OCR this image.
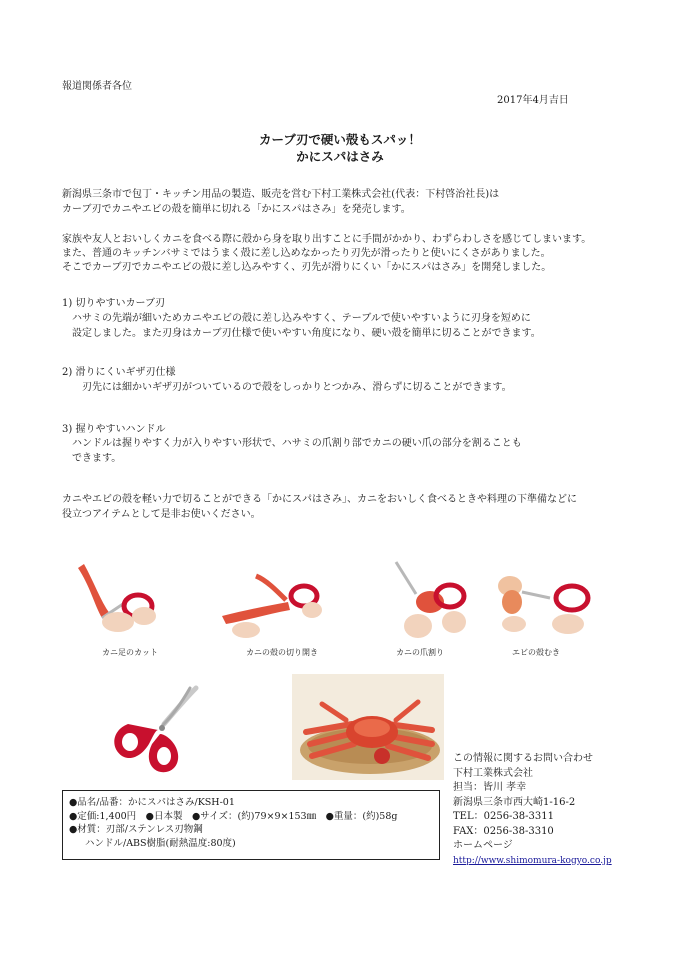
報道関係者各位
2017年4月吉日
カーブ刃で硬い殻もスパッ！
かにスパはさみ
新潟県三条市で包丁・キッチン用品の製造、販売を営む下村工業株式会社(代表：下村啓治社長)は
カーブ刃でカニやエビの殻を簡単に切れる「かにスパはさみ」を発売します。
家族や友人とおいしくカニを食べる際に殻から身を取り出すことに手間がかかり、わずらわしさを感じてしまいます。
また、普通のキッチンバサミではうまく殻に差し込めなかったり刃先が滑ったりと使いにくさがありました。
そこでカーブ刃でカニやエビの殻に差し込みやすく、刃先が滑りにくい「かにスパはさみ」を開発しました。
1) 切りやすいカーブ刃
ハサミの先端が細いためカニやエビの殻に差し込みやすく、テーブルで使いやすいように刃身を短めに
設定しました。また刃身はカーブ刃仕様で使いやすい角度になり、硬い殻を簡単に切ることができます。
2) 滑りにくいギザ刃仕様
刃先には細かいギザ刃がついているので殻をしっかりとつかみ、滑らずに切ることができます。
3) 握りやすいハンドル
ハンドルは握りやすく力が入りやすい形状で、ハサミの爪割り部でカニの硬い爪の部分を割ることも
できます。
カニやエビの殻を軽い力で切ることができる「かにスパはさみ」、カニをおいしく食べるときや料理の下準備などに
役立つアイテムとして是非お使いください。
カニ足のカット	カニの殻の切り開き	カニの爪割り	エビの殻むき
●品名/品番：かにスパはさみ/KSH-01
●定価:1,400円　●日本製　●サイズ：(約)79×9×153㎜　●重量：(約)58g
●材質：刃部/ステンレス刃物鋼
ハンドル/ABS樹脂(耐熱温度:80度)
この情報に関するお問い合わせ
下村工業株式会社
担当：皆川 孝幸
新潟県三条市西大崎1-16-2
TEL：0256-38-3311
FAX：0256-38-3310
ホームページ
http://www.shimomura-kogyo.co.jp
